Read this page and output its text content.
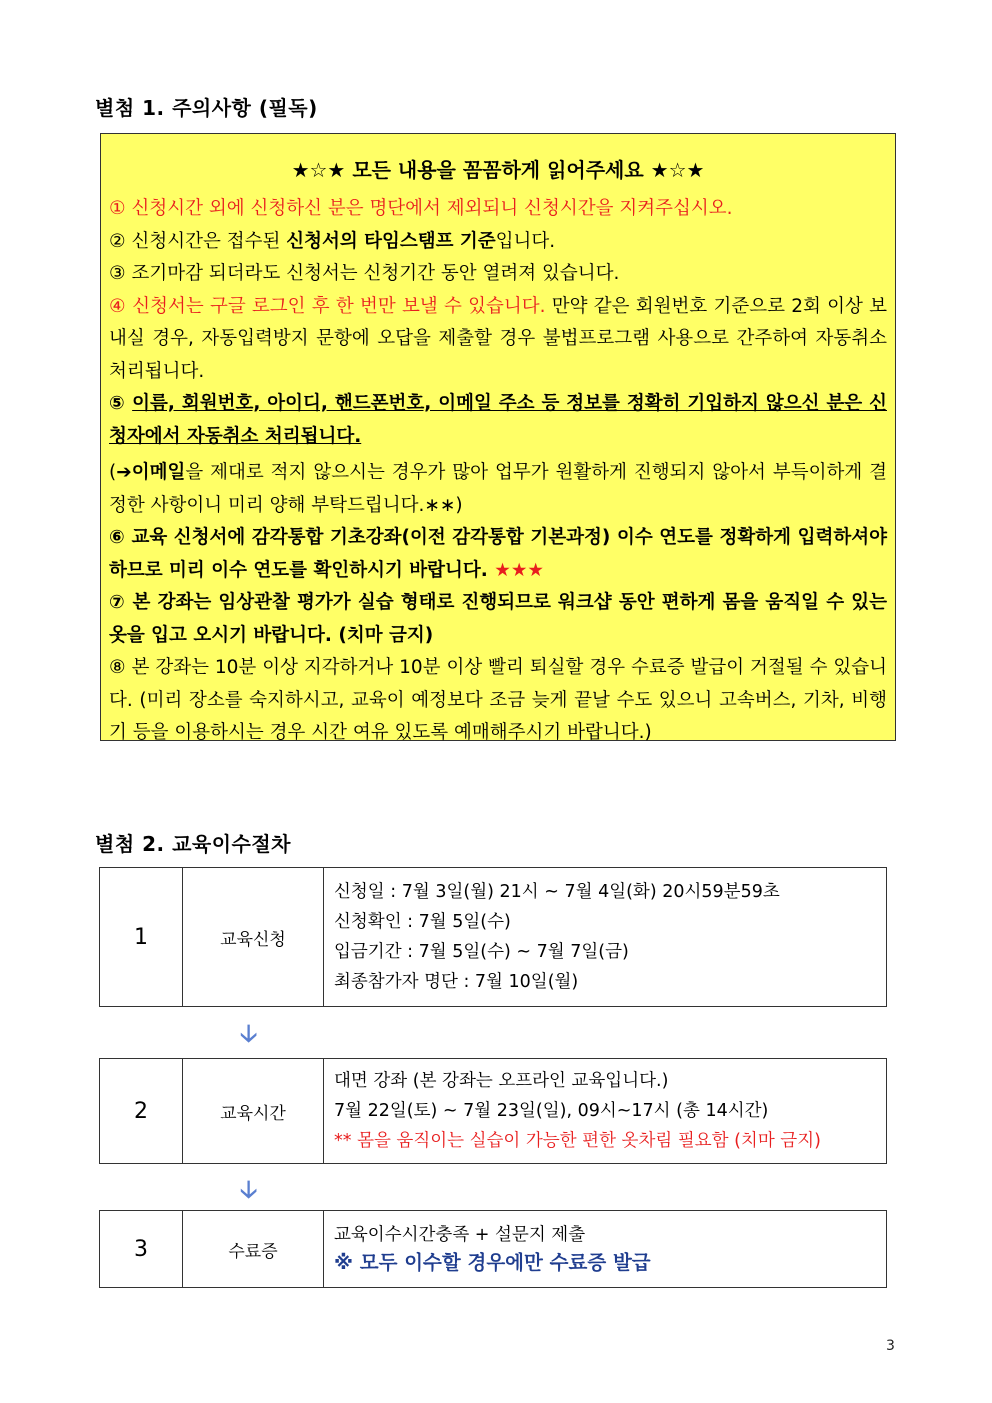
별첨 1. 주의사항 (필독)
★☆★ 모든 내용을 꼼꼼하게 읽어주세요 ★☆★
① 신청시간 외에 신청하신 분은 명단에서 제외되니 신청시간을 지켜주십시오.
② 신청시간은 접수된 신청서의 타임스탬프 기준입니다.
③ 조기마감 되더라도 신청서는 신청기간 동안 열려져 있습니다.
④ 신청서는 구글 로그인 후 한 번만 보낼 수 있습니다. 만약 같은 회원번호 기준으로 2회 이상 보내실 경우, 자동입력방지 문항에 오답을 제출할 경우 불법프로그램 사용으로 간주하여 자동취소 처리됩니다.
⑤ 이름, 회원번호, 아이디, 핸드폰번호, 이메일 주소 등 정보를 정확히 기입하지 않으신 분은 신청자에서 자동취소 처리됩니다.
(➔이메일을 제대로 적지 않으시는 경우가 많아 업무가 원활하게 진행되지 않아서 부득이하게 결정한 사항이니 미리 양해 부탁드립니다.∗∗)
⑥ 교육 신청서에 감각통합 기초강좌(이전 감각통합 기본과정) 이수 연도를 정확하게 입력하셔야 하므로 미리 이수 연도를 확인하시기 바랍니다. ★★★
⑦ 본 강좌는 임상관찰 평가가 실습 형태로 진행되므로 워크샵 동안 편하게 몸을 움직일 수 있는 옷을 입고 오시기 바랍니다. (치마 금지)
⑧ 본 강좌는 10분 이상 지각하거나 10분 이상 빨리 퇴실할 경우 수료증 발급이 거절될 수 있습니다. (미리 장소를 숙지하시고, 교육이 예정보다 조금 늦게 끝날 수도 있으니 고속버스, 기차, 비행기 등을 이용하시는 경우 시간 여유 있도록 예매해주시기 바랍니다.)
별첨 2. 교육이수절차
1	교육신청
신청일 : 7월 3일(월) 21시 ~ 7월 4일(화) 20시59분59초
신청확인 : 7월 5일(수)
입금기간 : 7월 5일(수) ~ 7월 7일(금)
최종참가자 명단 : 7월 10일(월)
🡣
2	교육시간
대면 강좌 (본 강좌는 오프라인 교육입니다.)
7월 22일(토) ~ 7월 23일(일), 09시~17시 (총 14시간)
** 몸을 움직이는 실습이 가능한 편한 옷차림 필요함 (치마 금지)
🡣
3	수료증
교육이수시간충족 + 설문지 제출
※ 모두 이수할 경우에만 수료증 발급
3
